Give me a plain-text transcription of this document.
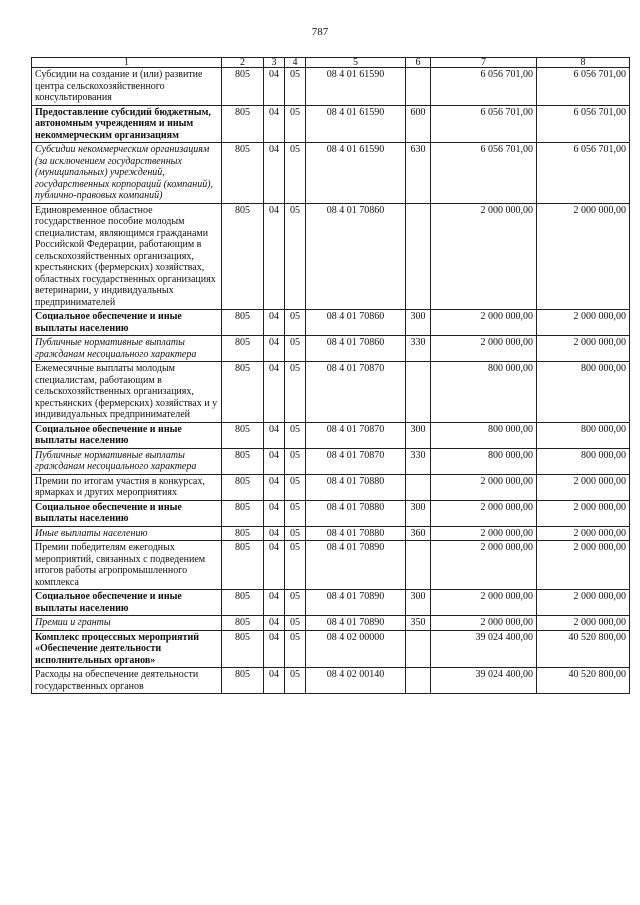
787
1	2	3	4	5	6	7	8
Субсидии на создание и (или) развитие центра сельскохозяйственного консультирования	805	04	05	08 4 01 61590		6 056 701,00	6 056 701,00
Предоставление субсидий бюджетным, автономным учреждениям и иным некоммерческим организациям	805	04	05	08 4 01 61590	600	6 056 701,00	6 056 701,00
Субсидии некоммерческим организациям (за исключением государственных (муниципальных) учреждений, государственных корпораций (компаний), публично-правовых компаний)	805	04	05	08 4 01 61590	630	6 056 701,00	6 056 701,00
Единовременное областное государственное пособие молодым специалистам, являющимся гражданами Российской Федерации, работающим в сельскохозяйственных организациях, крестьянских (фермерских) хозяйствах, областных государственных организациях ветеринарии, у индивидуальных предпринимателей	805	04	05	08 4 01 70860		2 000 000,00	2 000 000,00
Социальное обеспечение и иные выплаты населению	805	04	05	08 4 01 70860	300	2 000 000,00	2 000 000,00
Публичные нормативные выплаты гражданам несоциального характера	805	04	05	08 4 01 70860	330	2 000 000,00	2 000 000,00
Ежемесячные выплаты молодым специалистам, работающим в сельскохозяйственных организациях, крестьянских (фермерских) хозяйствах и у индивидуальных предпринимателей	805	04	05	08 4 01 70870		800 000,00	800 000,00
Социальное обеспечение и иные выплаты населению	805	04	05	08 4 01 70870	300	800 000,00	800 000,00
Публичные нормативные выплаты гражданам несоциального характера	805	04	05	08 4 01 70870	330	800 000,00	800 000,00
Премии по итогам участия в конкурсах, ярмарках и других мероприятиях	805	04	05	08 4 01 70880		2 000 000,00	2 000 000,00
Социальное обеспечение и иные выплаты населению	805	04	05	08 4 01 70880	300	2 000 000,00	2 000 000,00
Иные выплаты населению	805	04	05	08 4 01 70880	360	2 000 000,00	2 000 000,00
Премии победителям ежегодных мероприятий, связанных с подведением итогов работы агропромышленного комплекса	805	04	05	08 4 01 70890		2 000 000,00	2 000 000,00
Социальное обеспечение и иные выплаты населению	805	04	05	08 4 01 70890	300	2 000 000,00	2 000 000,00
Премии и гранты	805	04	05	08 4 01 70890	350	2 000 000,00	2 000 000,00
Комплекс процессных мероприятий «Обеспечение деятельности исполнительных органов»	805	04	05	08 4 02 00000		39 024 400,00	40 520 800,00
Расходы на обеспечение деятельности государственных органов	805	04	05	08 4 02 00140		39 024 400,00	40 520 800,00
